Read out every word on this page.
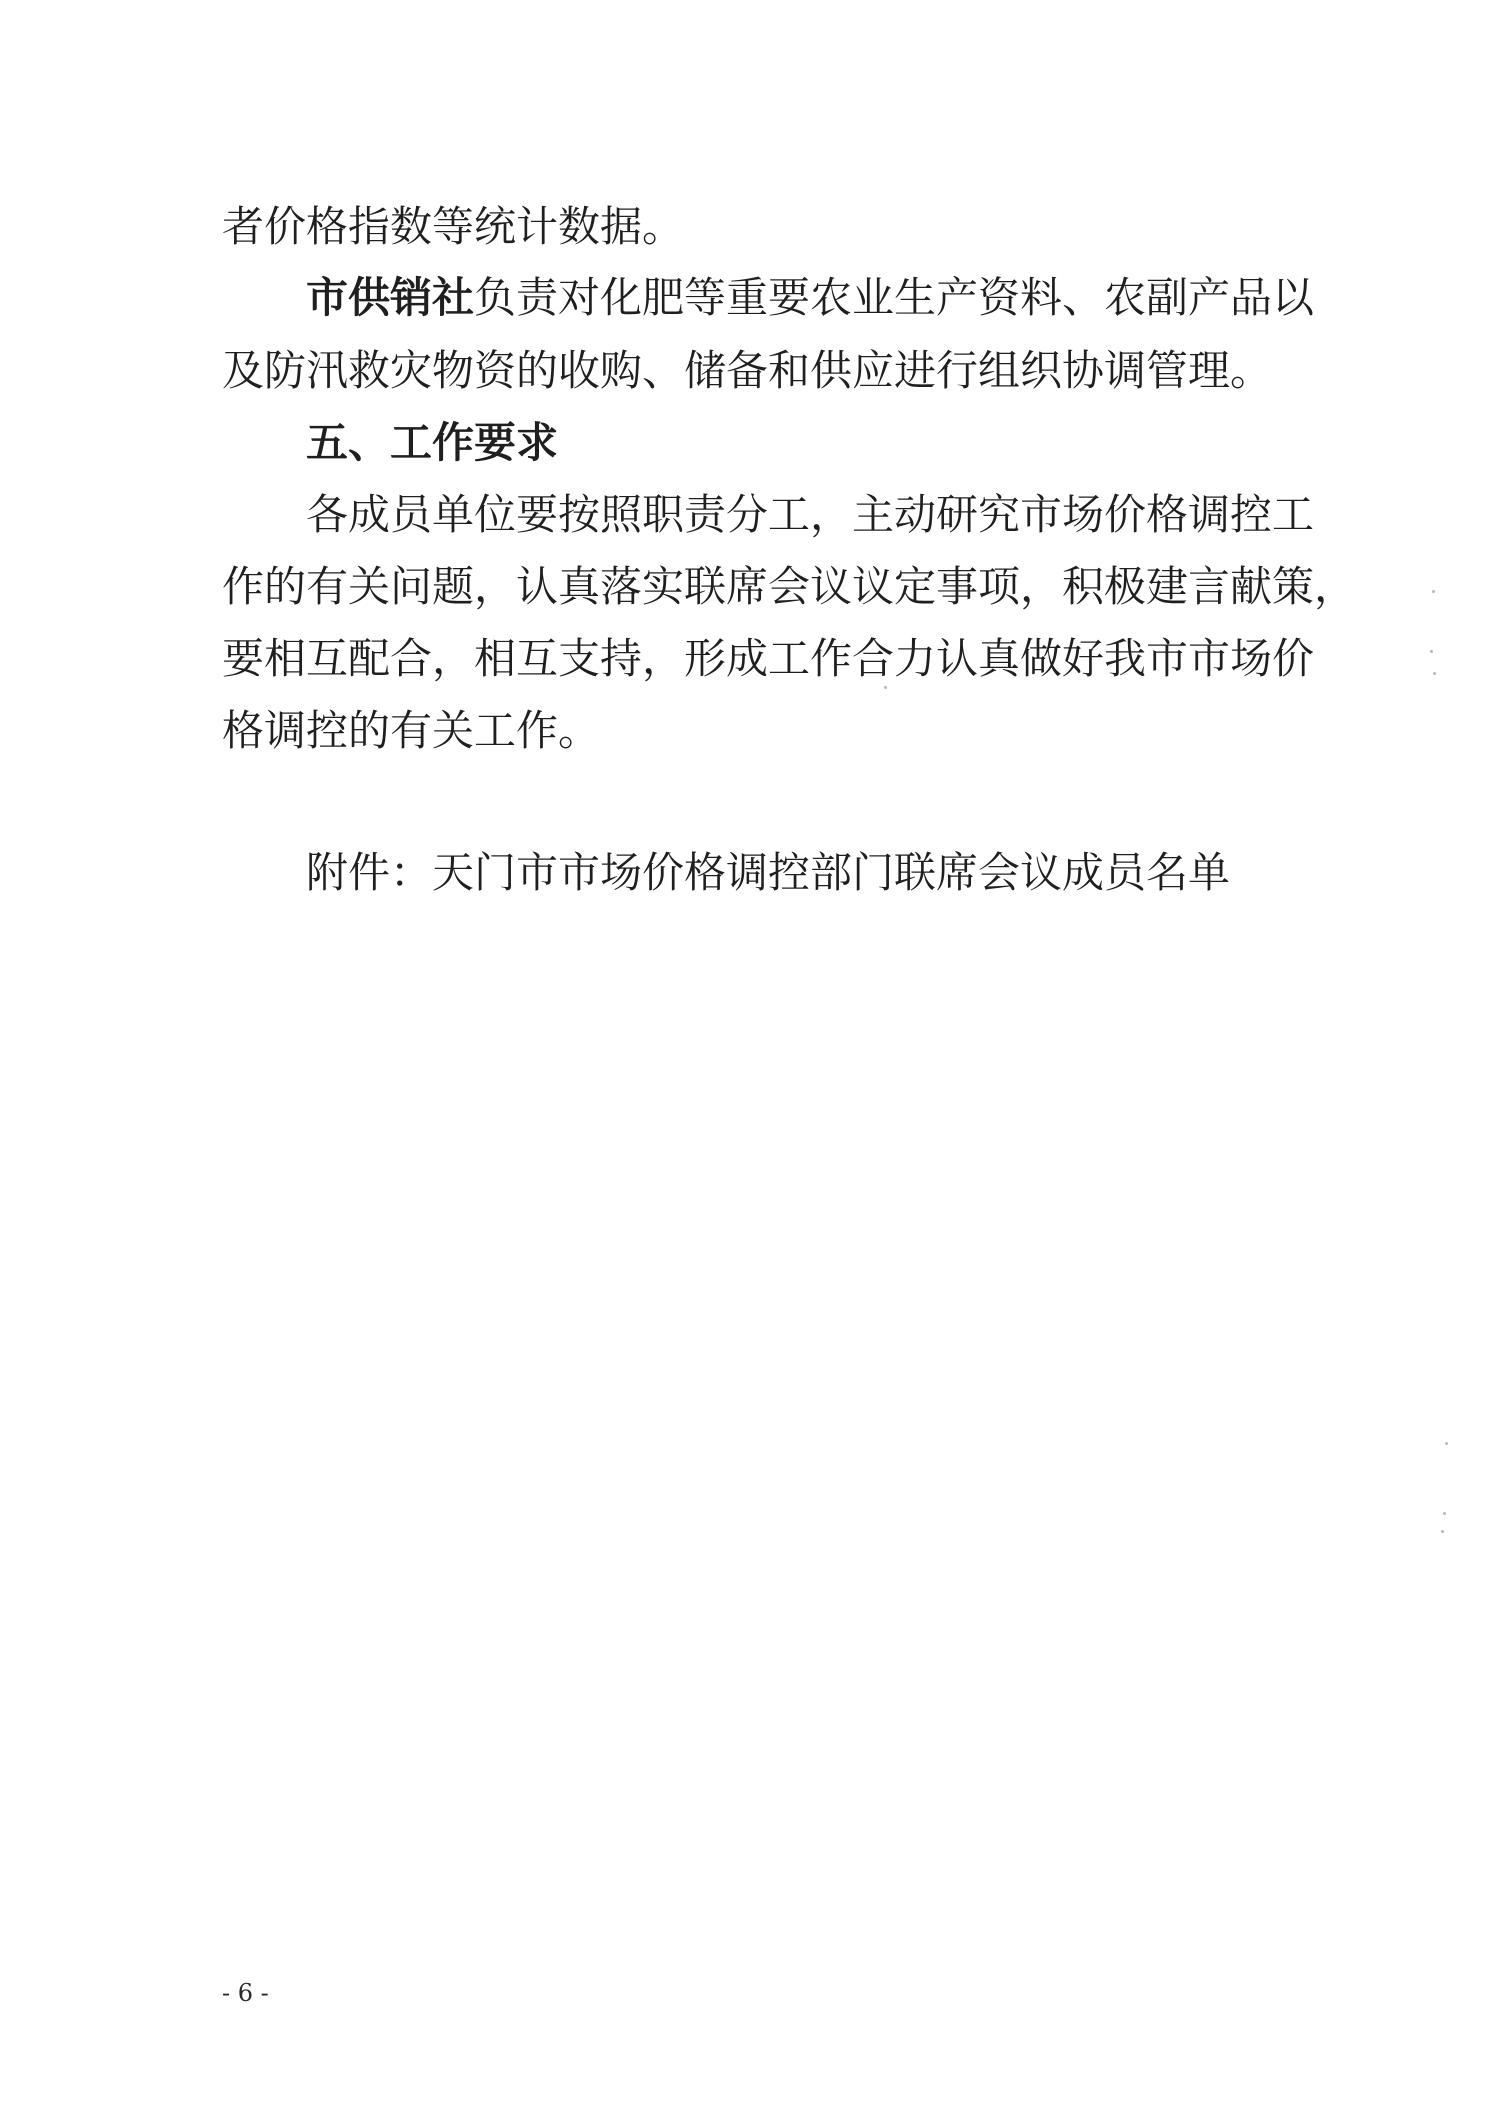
者价格指数等统计数据。
市供销社负责对化肥等重要农业生产资料、农副产品以
及防汛救灾物资的收购、储备和供应进行组织协调管理。
五、工作要求
各成员单位要按照职责分工，主动研究市场价格调控工
作的有关问题，认真落实联席会议议定事项，积极建言献策，
要相互配合，相互支持，形成工作合力认真做好我市市场价
格调控的有关工作。
附件：天门市市场价格调控部门联席会议成员名单
- 6 -
